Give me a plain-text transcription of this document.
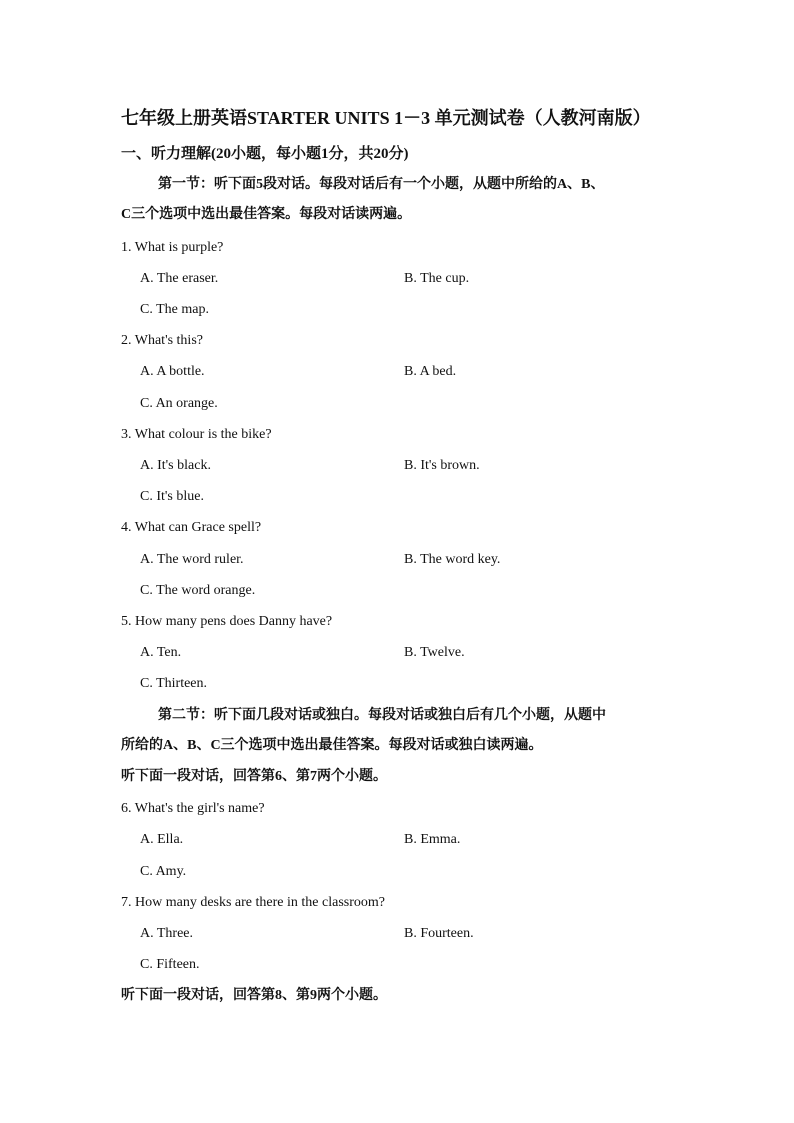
七年级上册英语STARTER UNITS 1－3 单元测试卷（人教河南版）
一、听力理解(20小题，每小题1分，共20分)
第一节：听下面5段对话。每段对话后有一个小题，从题中所给的A、B、
C三个选项中选出最佳答案。每段对话读两遍。
1. What is purple?
A. The eraser.	B. The cup.
C. The map.
2. What's this?
A. A bottle.	B. A bed.
C. An orange.
3. What colour is the bike?
A. It's black.	B. It's brown.
C. It's blue.
4. What can Grace spell?
A. The word ruler.	B. The word key.
C. The word orange.
5. How many pens does Danny have?
A. Ten.	B. Twelve.
C. Thirteen.
第二节：听下面几段对话或独白。每段对话或独白后有几个小题，从题中
所给的A、B、C三个选项中选出最佳答案。每段对话或独白读两遍。
听下面一段对话，回答第6、第7两个小题。
6. What's the girl's name?
A. Ella.	B. Emma.
C. Amy.
7. How many desks are there in the classroom?
A. Three.	B. Fourteen.
C. Fifteen.
听下面一段对话，回答第8、第9两个小题。
